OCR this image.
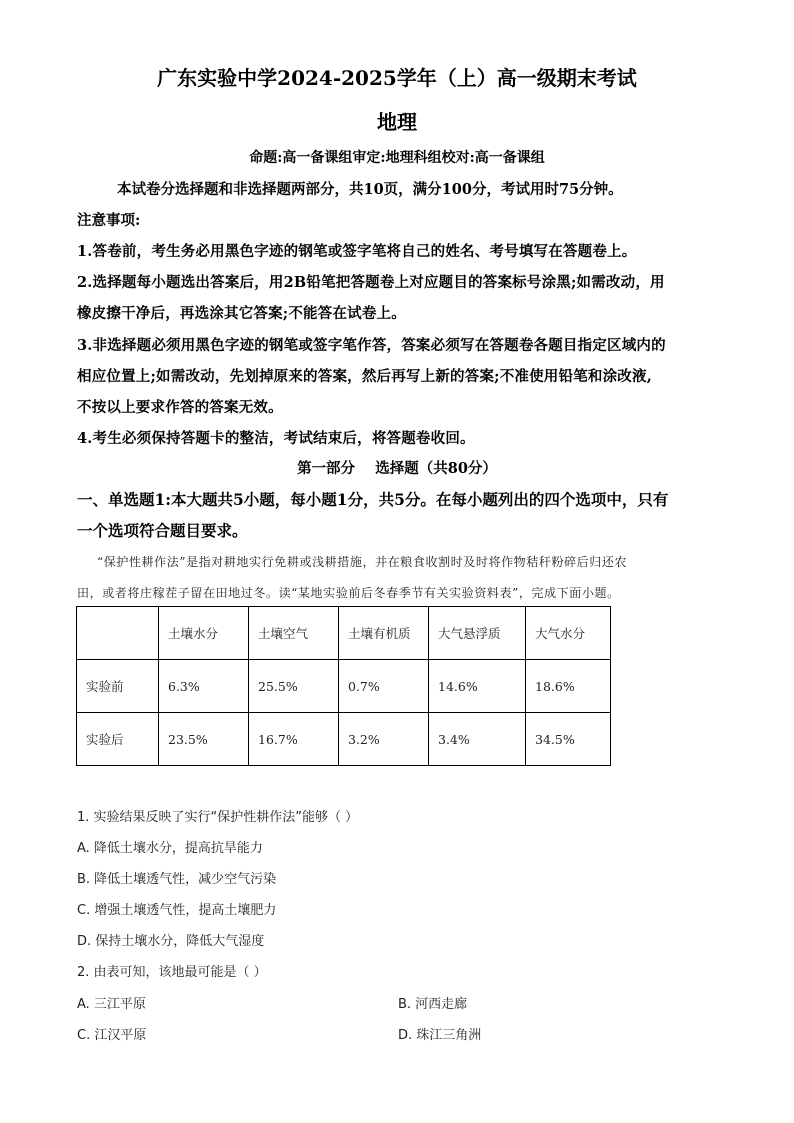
广东实验中学2024-2025学年（上）高一级期末考试
地理
命题:高一备课组审定:地理科组校对:高一备课组
本试卷分选择题和非选择题两部分，共10页，满分100分，考试用时75分钟。
注意事项:
1.答卷前，考生务必用黑色字迹的钢笔或签字笔将自己的姓名、考号填写在答题卷上。
2.选择题每小题选出答案后，用2B铅笔把答题卷上对应题目的答案标号涂黑;如需改动，用
橡皮擦干净后，再选涂其它答案;不能答在试卷上。
3.非选择题必须用黑色字迹的钢笔或签字笔作答，答案必须写在答题卷各题目指定区域内的
相应位置上;如需改动，先划掉原来的答案，然后再写上新的答案;不准使用铅笔和涂改液,
不按以上要求作答的答案无效。
4.考生必须保持答题卡的整洁，考试结束后，将答题卷收回。
第一部分    选择题（共80分）
一、单选题1:本大题共5小题，每小题1分，共5分。在每小题列出的四个选项中，只有
一个选项符合题目要求。
“保护性耕作法”是指对耕地实行免耕或浅耕措施，并在粮食收割时及时将作物秸秆粉碎后归还农
田，或者将庄稼茬子留在田地过冬。读“某地实验前后冬春季节有关实验资料表”，完成下面小题。
	土壤水分	土壤空气	土壤有机质	大气悬浮质	大气水分
实验前	6.3%	25.5%	0.7%	14.6%	18.6%
实验后	23.5%	16.7%	3.2%	3.4%	34.5%
1. 实验结果反映了实行“保护性耕作法”能够（ ）
A. 降低土壤水分，提高抗旱能力
B. 降低土壤透气性，减少空气污染
C. 增强土壤透气性，提高土壤肥力
D. 保持土壤水分，降低大气湿度
2. 由表可知，该地最可能是（ ）
A. 三江平原	B. 河西走廊
C. 江汉平原	D. 珠江三角洲
